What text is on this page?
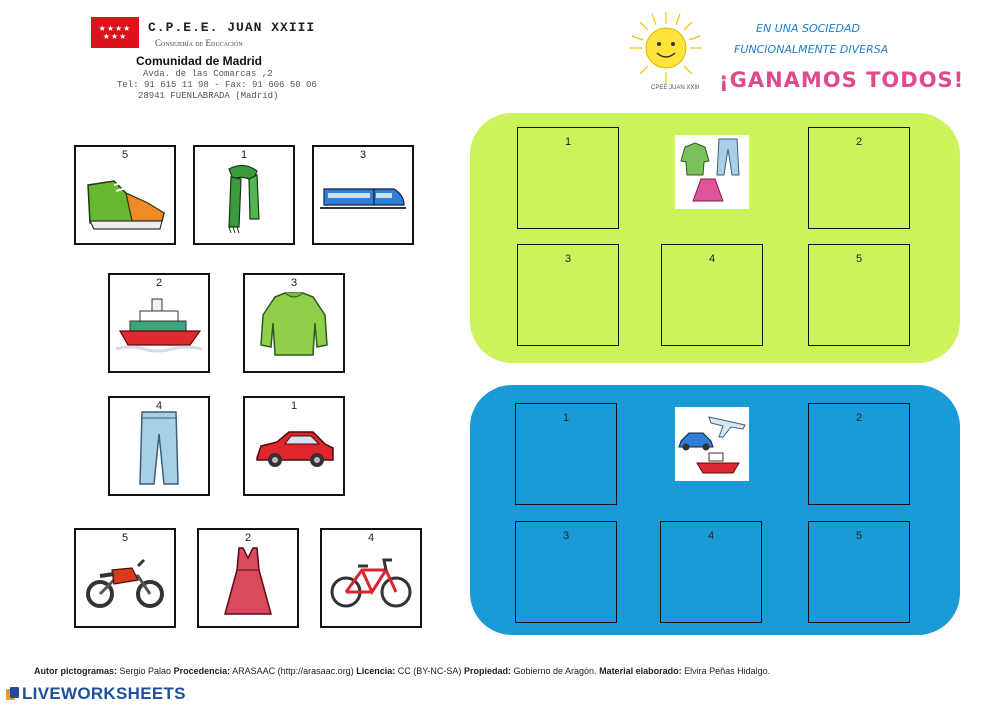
★★★★
★★★
C.P.E.E. JUAN XXIII
Consejería de Educación
Comunidad de Madrid
Avda. de las Comarcas ,2
Tel: 91 615 11 98 - Fax: 91 606 50 06
28941 FUENLABRADA (Madrid)
CPEE JUAN XXIII
EN UNA SOCIEDAD
FUNCIONALMENTE DIVERSA
¡GANAMOS TODOS!
1	2
3	4	5
1	2
3	4	5
5	1	3
2	3
4	1
5	2	4
Autor pictogramas: Sergio Palao Procedencia: ARASAAC (http://arasaac.org) Licencia: CC (BY-NC-SA) Propiedad: Gobierno de Aragón. Material elaborado: Elvira Peñas Hidalgo.
LIVEWORKSHEETS
